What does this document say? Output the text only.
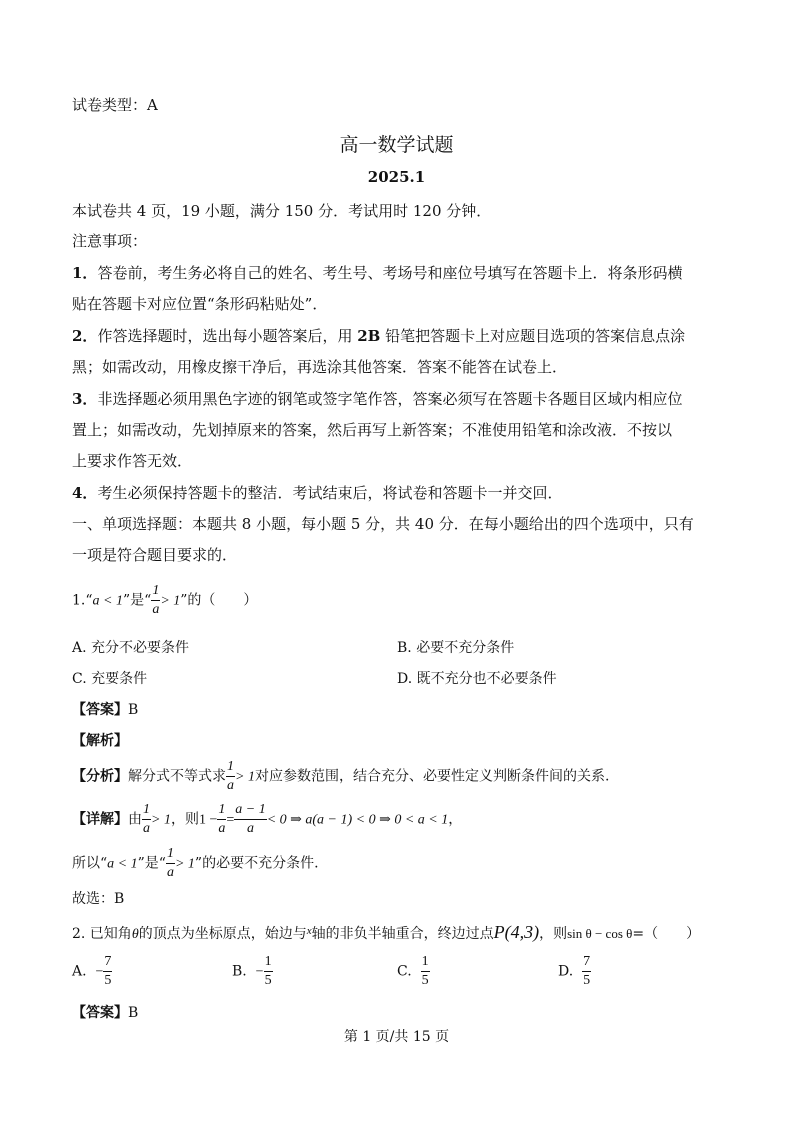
试卷类型：A
高一数学试题
2025.1
本试卷共 4 页，19 小题，满分 150 分．考试用时 120 分钟．
注意事项：
1．答卷前，考生务必将自己的姓名、考生号、考场号和座位号填写在答题卡上．将条形码横
贴在答题卡对应位置“条形码粘贴处”．
2．作答选择题时，选出每小题答案后，用 2B 铅笔把答题卡上对应题目选项的答案信息点涂
黑；如需改动，用橡皮擦干净后，再选涂其他答案．答案不能答在试卷上．
3．非选择题必须用黑色字迹的钢笔或签字笔作答，答案必须写在答题卡各题目区域内相应位
置上；如需改动，先划掉原来的答案，然后再写上新答案；不准使用铅笔和涂改液．不按以
上要求作答无效．
4．考生必须保持答题卡的整洁．考试结束后，将试卷和答题卡一并交回．
一、单项选择题：本题共 8 小题，每小题 5 分，共 40 分．在每小题给出的四个选项中，只有
一项是符合题目要求的．
1.“a < 1”是“ $\frac{1}{a} > 1$”的（　　）
A. 充分不必要条件	B. 必要不充分条件
C. 充要条件	D. 既不充分也不必要条件
【答案】B
【解析】
【分析】解分式不等式求 $\frac{1}{a} > 1$对应参数范围，结合充分、必要性定义判断条件间的关系.
【详解】由 $\frac{1}{a} > 1$，则$1 - \frac{1}{a} = \frac{a - 1}{a} < 0$ ⇒ a(a − 1) < 0 ⇒ 0 < a < 1，
所以“a < 1”是“ $\frac{1}{a} > 1$”的必要不充分条件.
故选：B
2. 已知角θ的顶点为坐标原点，始边与$^x$轴的非负半轴重合，终边过点P(4,3)，则sin θ − cos θ=（　　）
A. − $\frac{7}{5}$	B. − $\frac{1}{5}$	C. $\frac{1}{5}$	D. $\frac{7}{5}$
【答案】B
第 1 页/共 15 页
